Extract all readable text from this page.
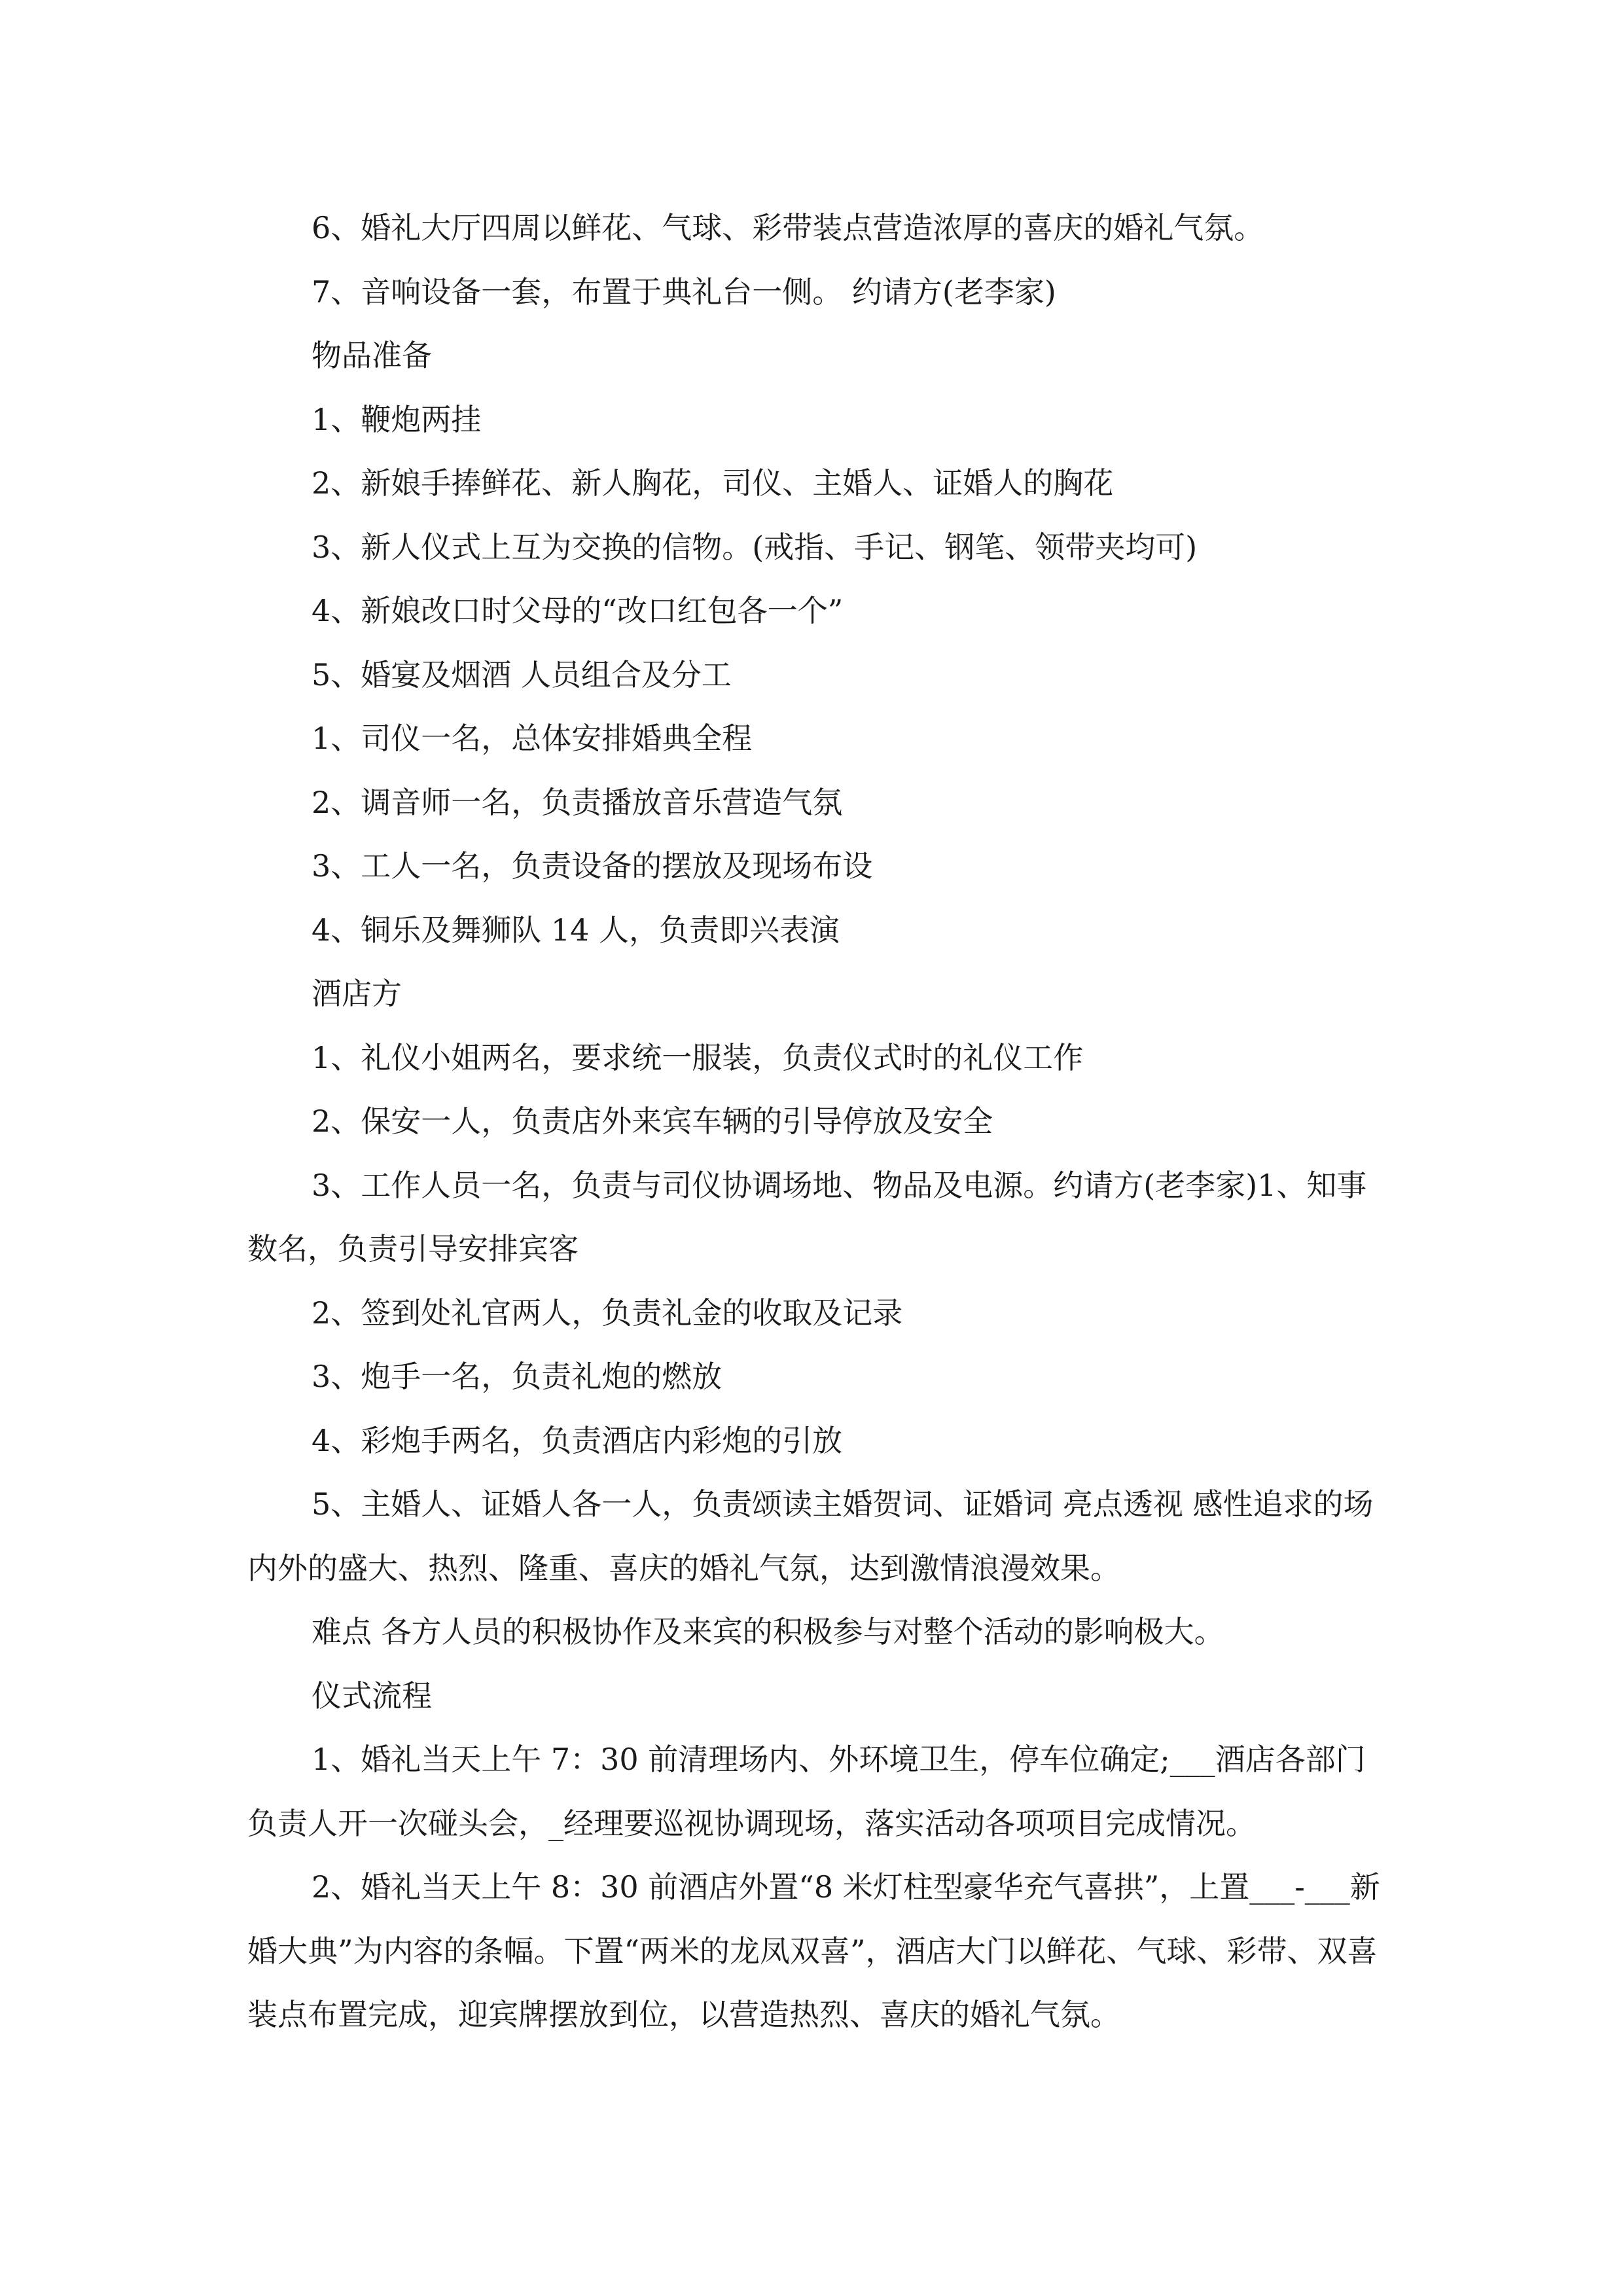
6、婚礼大厅四周以鲜花、气球、彩带装点营造浓厚的喜庆的婚礼气氛。

7、音响设备一套，布置于典礼台一侧。 约请方(老李家)

物品准备

1、鞭炮两挂

2、新娘手捧鲜花、新人胸花，司仪、主婚人、证婚人的胸花

3、新人仪式上互为交换的信物。(戒指、手记、钢笔、领带夹均可)

4、新娘改口时父母的“改口红包各一个”

5、婚宴及烟酒 人员组合及分工

1、司仪一名，总体安排婚典全程

2、调音师一名，负责播放音乐营造气氛

3、工人一名，负责设备的摆放及现场布设

4、铜乐及舞狮队 14 人，负责即兴表演

酒店方

1、礼仪小姐两名，要求统一服装，负责仪式时的礼仪工作

2、保安一人，负责店外来宾车辆的引导停放及安全

3、工作人员一名，负责与司仪协调场地、物品及电源。约请方(老李家)1、知事数名，负责引导安排宾客

2、签到处礼官两人，负责礼金的收取及记录

3、炮手一名，负责礼炮的燃放

4、彩炮手两名，负责酒店内彩炮的引放

5、主婚人、证婚人各一人，负责颂读主婚贺词、证婚词 亮点透视 感性追求的场内外的盛大、热烈、隆重、喜庆的婚礼气氛，达到激情浪漫效果。

难点 各方人员的积极协作及来宾的积极参与对整个活动的影响极大。

仪式流程

1、婚礼当天上午 7：30 前清理场内、外环境卫生，停车位确定;___酒店各部门负责人开一次碰头会，_经理要巡视协调现场，落实活动各项项目完成情况。

2、婚礼当天上午 8：30 前酒店外置“8 米灯柱型豪华充气喜拱”，上置___-___新婚大典”为内容的条幅。下置“两米的龙凤双喜”，酒店大门以鲜花、气球、彩带、双喜装点布置完成，迎宾牌摆放到位，以营造热烈、喜庆的婚礼气氛。
